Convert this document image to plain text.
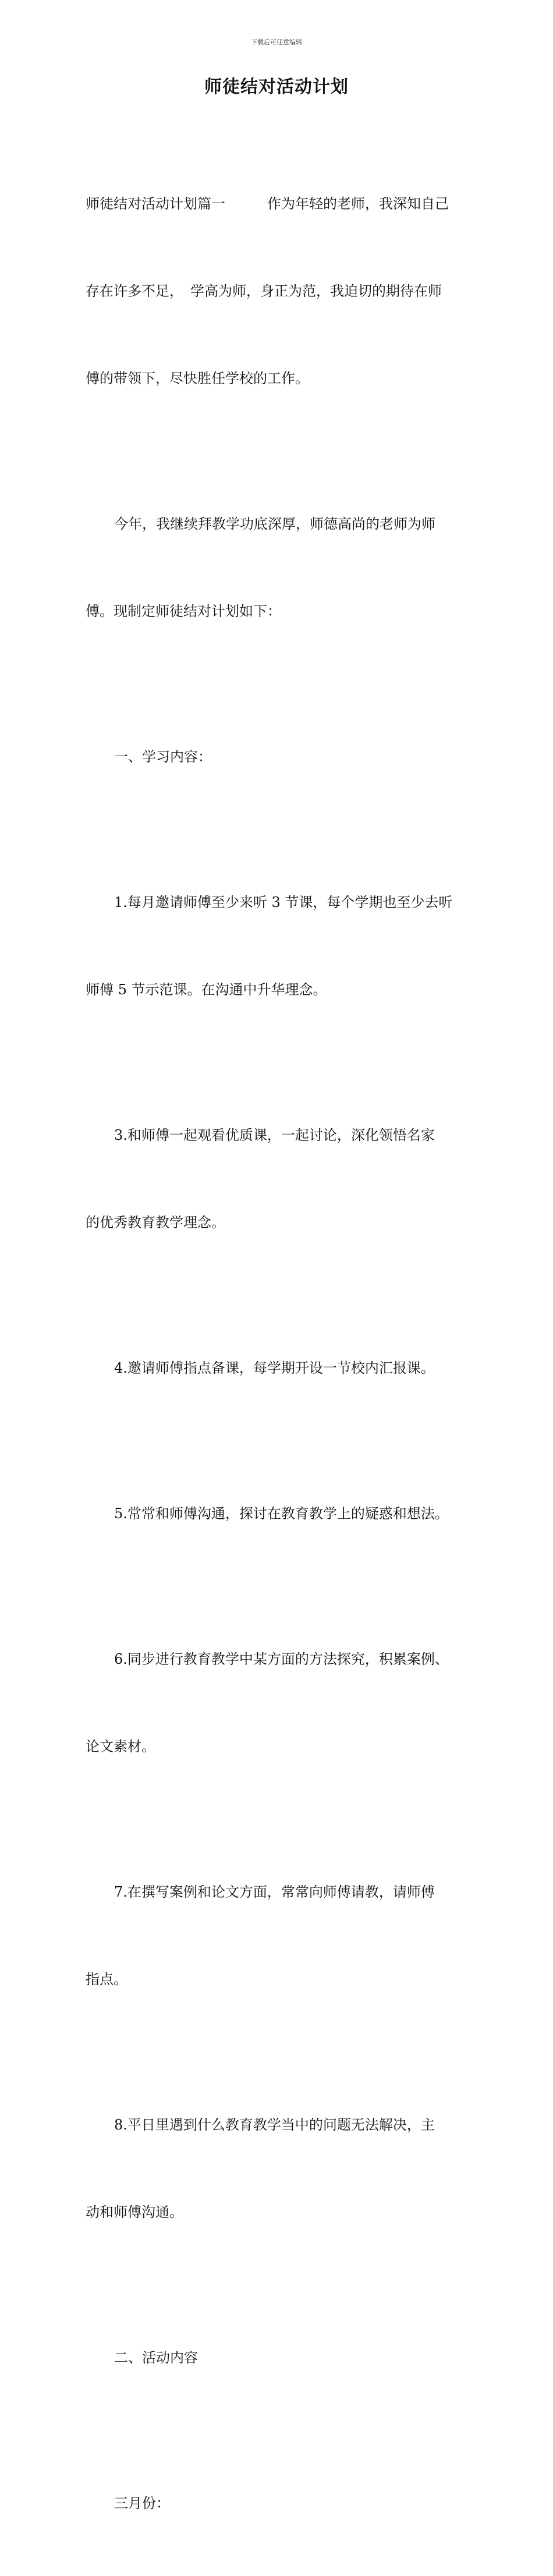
下载后可任意编辑
师徒结对活动计划

师徒结对活动计划篇一　　　作为年轻的老师，我深知自己

存在许多不足，　学高为师，身正为范，我迫切的期待在师

傅的带领下，尽快胜任学校的工作。

今年，我继续拜教学功底深厚，师德高尚的老师为师

傅。现制定师徒结对计划如下：

一、学习内容：

1.每月邀请师傅至少来听 3 节课，每个学期也至少去听

师傅 5 节示范课。在沟通中升华理念。

3.和师傅一起观看优质课，一起讨论，深化领悟名家

的优秀教育教学理念。

4.邀请师傅指点备课，每学期开设一节校内汇报课。

5.常常和师傅沟通，探讨在教育教学上的疑惑和想法。

6.同步进行教育教学中某方面的方法探究，积累案例、

论文素材。

7.在撰写案例和论文方面，常常向师傅请教，请师傅

指点。

8.平日里遇到什么教育教学当中的问题无法解决，主

动和师傅沟通。

二、活动内容

三月份：
